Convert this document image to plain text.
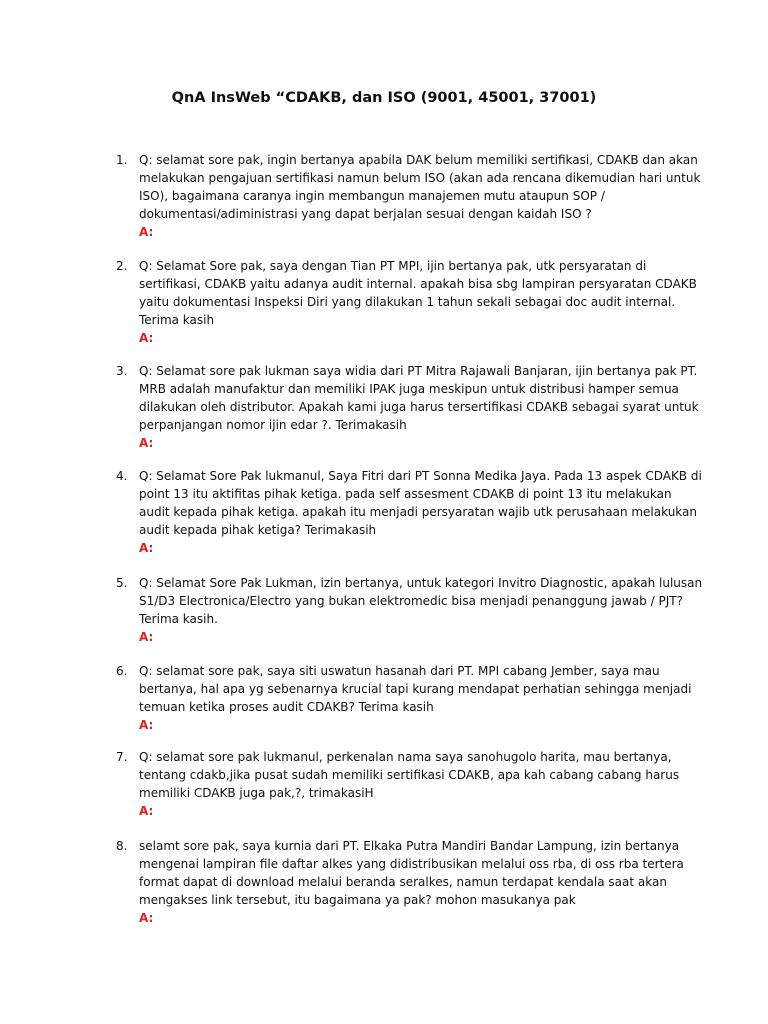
QnA InsWeb “CDAKB, dan ISO (9001, 45001, 37001)
1. Q: selamat sore pak, ingin bertanya apabila DAK belum memiliki sertifikasi, CDAKB dan akan
melakukan pengajuan sertifikasi namun belum ISO (akan ada rencana dikemudian hari untuk
ISO), bagaimana caranya ingin membangun manajemen mutu ataupun SOP /
dokumentasi/adiministrasi yang dapat berjalan sesuai dengan kaidah ISO ?
A:
2. Q: Selamat Sore pak, saya dengan Tian PT MPI, ijin bertanya pak, utk persyaratan di
sertifikasi, CDAKB yaitu adanya audit internal. apakah bisa sbg lampiran persyaratan CDAKB
yaitu dokumentasi Inspeksi Diri yang dilakukan 1 tahun sekali sebagai doc audit internal.
Terima kasih
A:
3. Q: Selamat sore pak lukman saya widia dari PT Mitra Rajawali Banjaran, ijin bertanya pak PT.
MRB adalah manufaktur dan memiliki IPAK juga meskipun untuk distribusi hamper semua
dilakukan oleh distributor. Apakah kami juga harus tersertifikasi CDAKB sebagai syarat untuk
perpanjangan nomor ijin edar ?. Terimakasih
A:
4. Q: Selamat Sore Pak lukmanul, Saya Fitri dari PT Sonna Medika Jaya. Pada 13 aspek CDAKB di
point 13 itu aktifitas pihak ketiga. pada self assesment CDAKB di point 13 itu melakukan
audit kepada pihak ketiga. apakah itu menjadi persyaratan wajib utk perusahaan melakukan
audit kepada pihak ketiga? Terimakasih
A:
5. Q: Selamat Sore Pak Lukman, izin bertanya, untuk kategori Invitro Diagnostic, apakah lulusan
S1/D3 Electronica/Electro yang bukan elektromedic bisa menjadi penanggung jawab / PJT?
Terima kasih.
A:
6. Q: selamat sore pak, saya siti uswatun hasanah dari PT. MPI cabang Jember, saya mau
bertanya, hal apa yg sebenarnya krucial tapi kurang mendapat perhatian sehingga menjadi
temuan ketika proses audit CDAKB? Terima kasih
A:
7. Q: selamat sore pak lukmanul, perkenalan nama saya sanohugolo harita, mau bertanya,
tentang cdakb,jika pusat sudah memiliki sertifikasi CDAKB, apa kah cabang cabang harus
memiliki CDAKB juga pak,?, trimakasiH
A:
8. selamt sore pak, saya kurnia dari PT. Elkaka Putra Mandiri Bandar Lampung, izin bertanya
mengenai lampiran file daftar alkes yang didistribusikan melalui oss rba, di oss rba tertera
format dapat di download melalui beranda seralkes, namun terdapat kendala saat akan
mengakses link tersebut, itu bagaimana ya pak? mohon masukanya pak
A:
